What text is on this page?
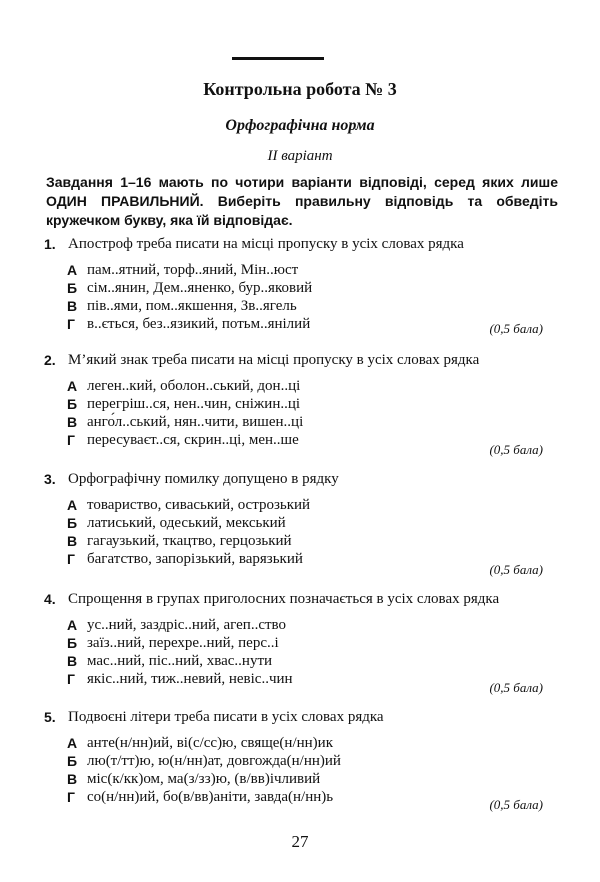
Контрольна робота № 3
Орфографічна норма
ІІ варіант
Завдання 1–16 мають по чотири варіанти відповіді, серед яких лише ОДИН ПРАВИЛЬНИЙ. Виберіть правильну відповідь та обведіть кружечком букву, яка їй відповідає.
1. Апостроф треба писати на місці пропуску в усіх словах рядка
А пам..ятний, торф..яний, Мін..юст
Б сім..янин, Дем..яненко, бур..яковий
В пів..ями, пом..якшення, Зв..ягель
Г в..ється, без..язикий, потьм..янілий	(0,5 бала)
2. М’який знак треба писати на місці пропуску в усіх словах рядка
А леген..кий, оболон..ський, дон..ці
Б перегріш..ся, нен..чин, сніжин..ці
В анго́л..ський, нян..чити, вишен..ці
Г пересуваєт..ся, скрин..ці, мен..ше
(0,5 бала)
3. Орфографічну помилку допущено в рядку
А товариство, сиваський, острозький
Б латиський, одеський, мекський
В гагаузький, ткацтво, герцозький
Г багатство, запорізький, варязький
(0,5 бала)
4. Спрощення в групах приголосних позначається в усіх словах рядка
А ус..ний, заздріс..ний, агеп..ство
Б заїз..ний, перехре..ний, перс..і
В мас..ний, піс..ний, хвас..нути
Г якіс..ний, тиж..невий, невіс..чин
(0,5 бала)
5. Подвоєні літери треба писати в усіх словах рядка
А анте(н/нн)ий, ві(с/сс)ю, свяще(н/нн)ик
Б лю(т/тт)ю, ю(н/нн)ат, довгожда(н/нн)ий
В міс(к/кк)ом, ма(з/зз)ю, (в/вв)ічливий
Г со(н/нн)ий, бо(в/вв)аніти, завда(н/нн)ь	(0,5 бала)
27
